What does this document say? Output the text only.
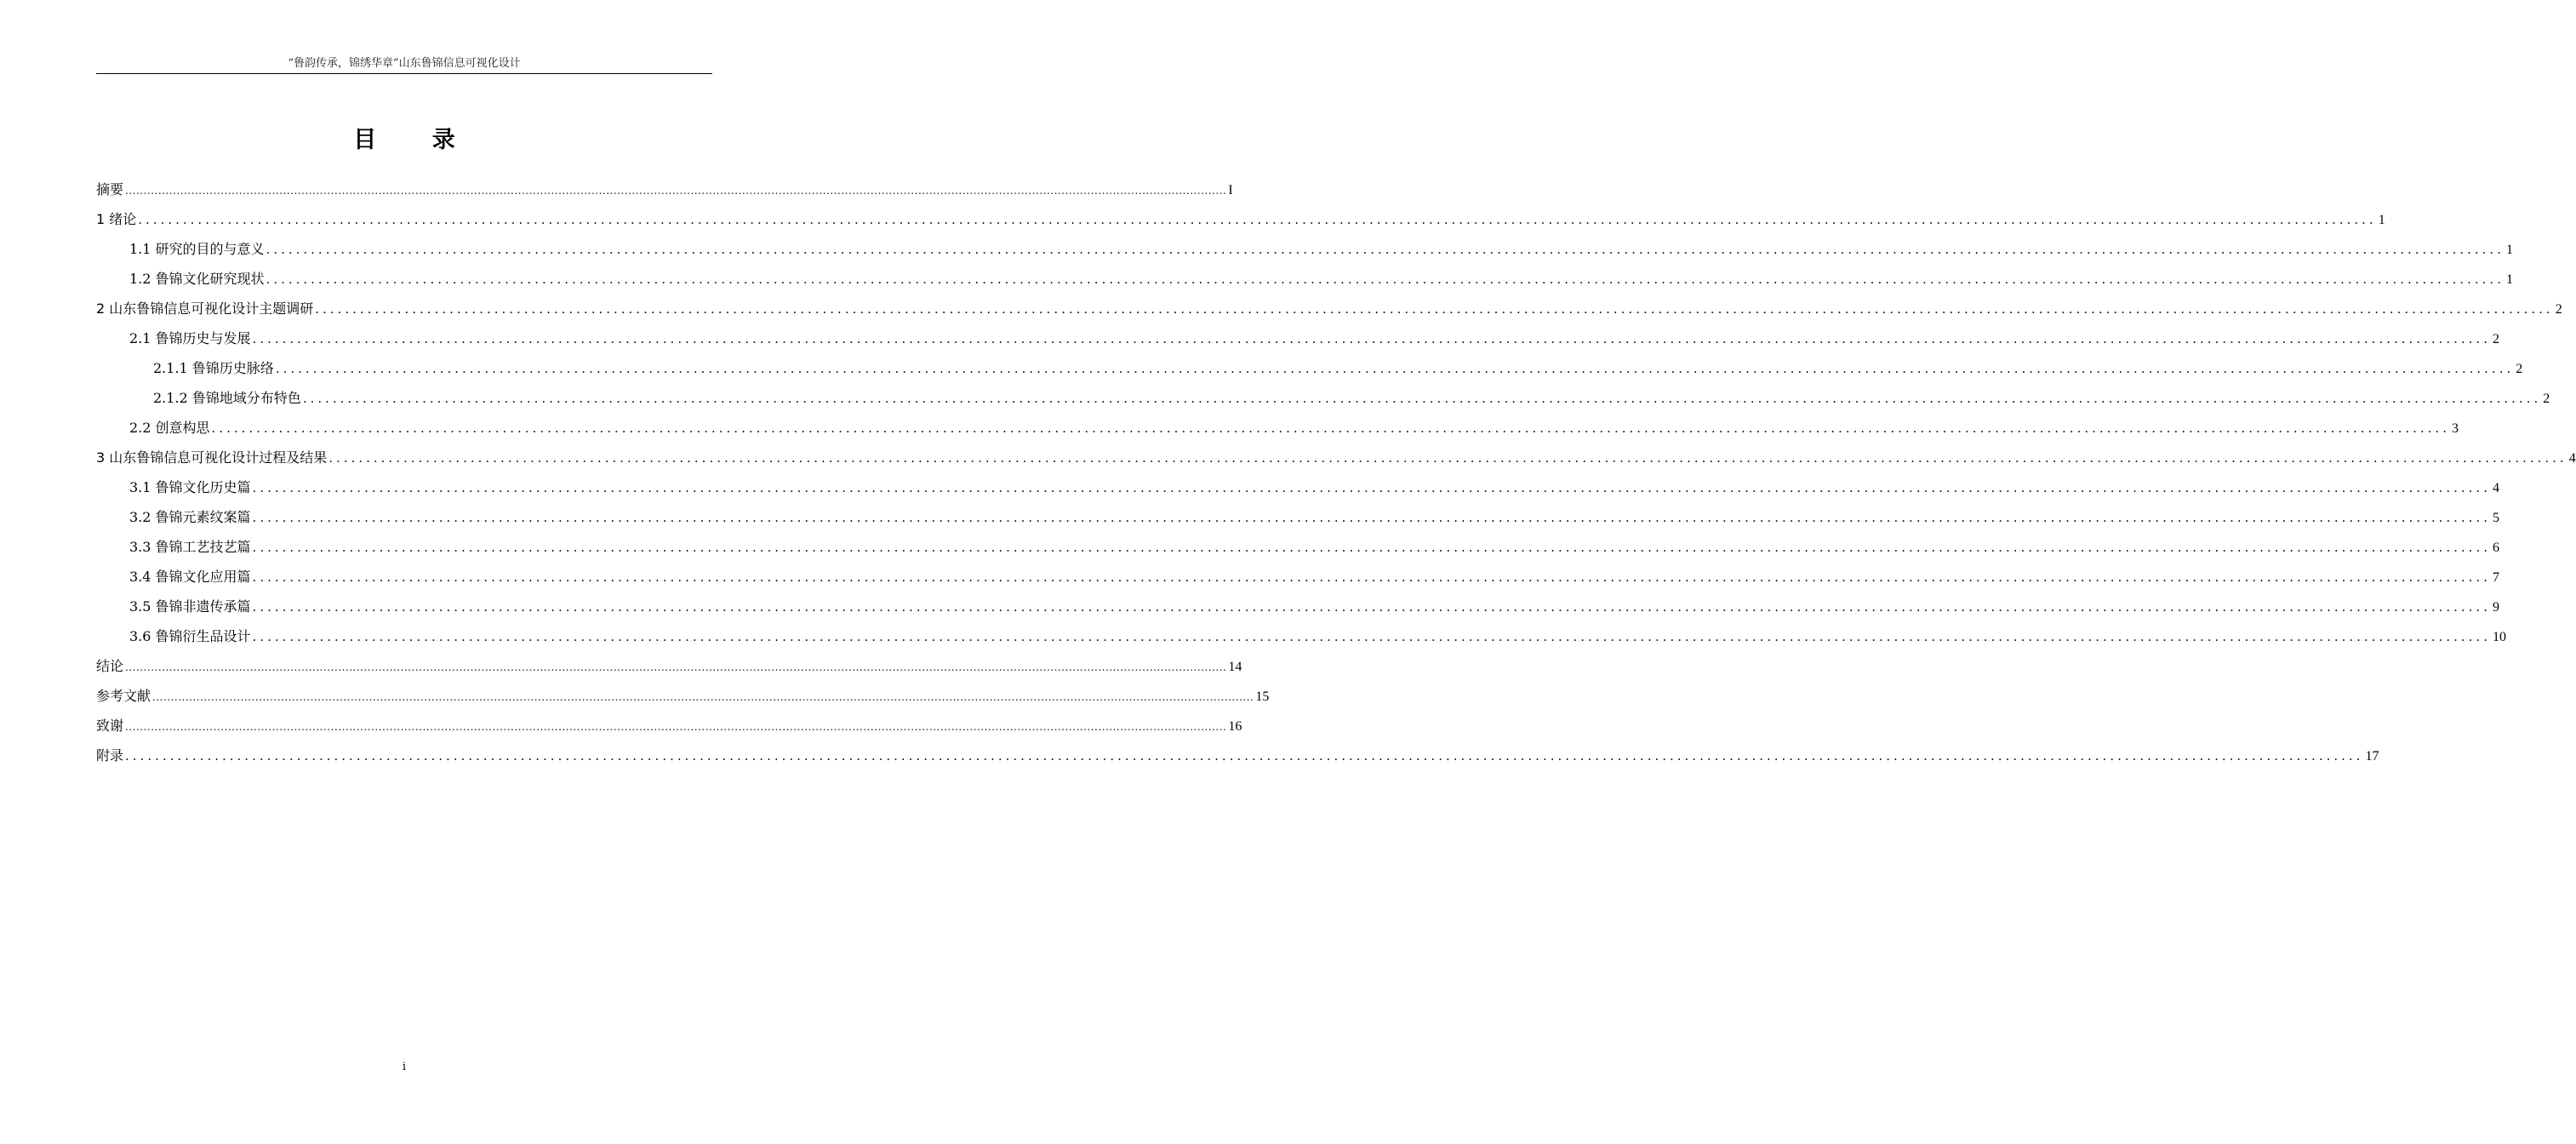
“鲁韵传承，锦绣华章”山东鲁锦信息可视化设计
目 录
摘要 ............................................................................................................................................................................................................................................................................................................ I
1 绪论 ............................................................................................................................................................................................................................................................................................................ 1
1.1 研究的目的与意义 ............................................................................................................................................................................................................................................................................................................ 1
1.2 鲁锦文化研究现状 ............................................................................................................................................................................................................................................................................................................ 1
2 山东鲁锦信息可视化设计主题调研 ............................................................................................................................................................................................................................................................................................................ 2
2.1 鲁锦历史与发展 ............................................................................................................................................................................................................................................................................................................ 2
2.1.1 鲁锦历史脉络 ............................................................................................................................................................................................................................................................................................................ 2
2.1.2 鲁锦地域分布特色 ............................................................................................................................................................................................................................................................................................................ 2
2.2 创意构思 ............................................................................................................................................................................................................................................................................................................ 3
3 山东鲁锦信息可视化设计过程及结果 ............................................................................................................................................................................................................................................................................................................ 4
3.1 鲁锦文化历史篇 ............................................................................................................................................................................................................................................................................................................ 4
3.2 鲁锦元素纹案篇 ............................................................................................................................................................................................................................................................................................................ 5
3.3 鲁锦工艺技艺篇 ............................................................................................................................................................................................................................................................................................................ 6
3.4 鲁锦文化应用篇 ............................................................................................................................................................................................................................................................................................................ 7
3.5 鲁锦非遗传承篇 ............................................................................................................................................................................................................................................................................................................ 9
3.6 鲁锦衍生品设计 ............................................................................................................................................................................................................................................................................................................ 10
结论 ............................................................................................................................................................................................................................................................................................................ 14
参考文献 ............................................................................................................................................................................................................................................................................................................ 15
致谢 ............................................................................................................................................................................................................................................................................................................ 16
附录 ............................................................................................................................................................................................................................................................................................................ 17
i
